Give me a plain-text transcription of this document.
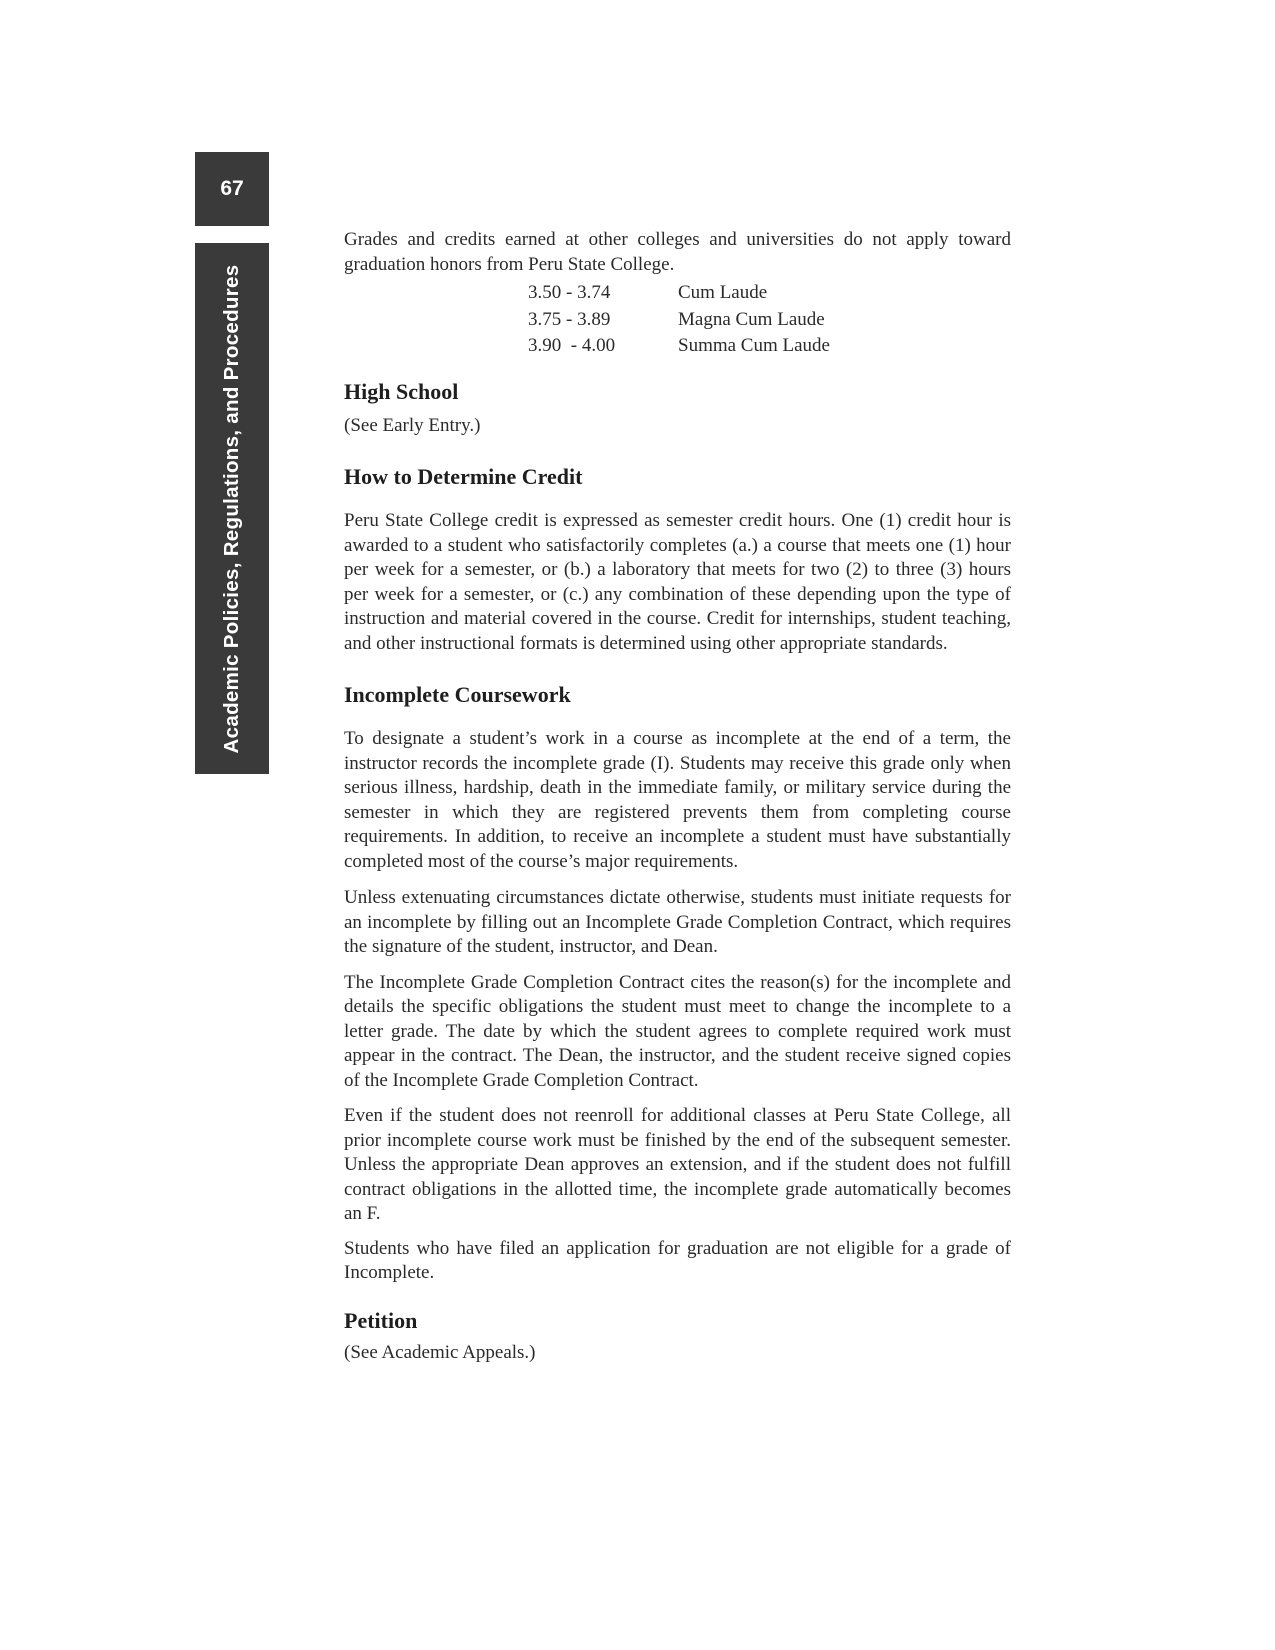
67
Academic Policies, Regulations, and Procedures

Grades and credits earned at other colleges and universities do not apply toward graduation honors from Peru State College.

3.50 - 3.74	Cum Laude
3.75 - 3.89	Magna Cum Laude
3.90  - 4.00	Summa Cum Laude
High School

(See Early Entry.)

How to Determine Credit

Peru State College credit is expressed as semester credit hours. One (1) credit hour is awarded to a student who satisfactorily completes (a.) a course that meets one (1) hour per week for a semester, or (b.) a laboratory that meets for two (2) to three (3) hours per week for a semester, or (c.) any combination of these depending upon the type of instruction and material covered in the course. Credit for internships, student teaching, and other instructional formats is determined using other appropriate standards.

Incomplete Coursework

To designate a student’s work in a course as incomplete at the end of a term, the instructor records the incomplete grade (I). Students may receive this grade only when serious illness, hardship, death in the immediate family, or military service during the semester in which they are registered prevents them from completing course requirements. In addition, to receive an incomplete a student must have substantially completed most of the course’s major requirements.

Unless extenuating circumstances dictate otherwise, students must initiate requests for an incomplete by filling out an Incomplete Grade Completion Contract, which requires the signature of the student, instructor, and Dean.

The Incomplete Grade Completion Contract cites the reason(s) for the incomplete and details the specific obligations the student must meet to change the incomplete to a letter grade. The date by which the student agrees to complete required work must appear in the contract. The Dean, the instructor, and the student receive signed copies of the Incomplete Grade Completion Contract.

Even if the student does not reenroll for additional classes at Peru State College, all prior incomplete course work must be finished by the end of the subsequent semester. Unless the appropriate Dean approves an extension, and if the student does not fulfill contract obligations in the allotted time, the incomplete grade automatically becomes an F.

Students who have filed an application for graduation are not eligible for a grade of Incomplete.

Petition

(See Academic Appeals.)
